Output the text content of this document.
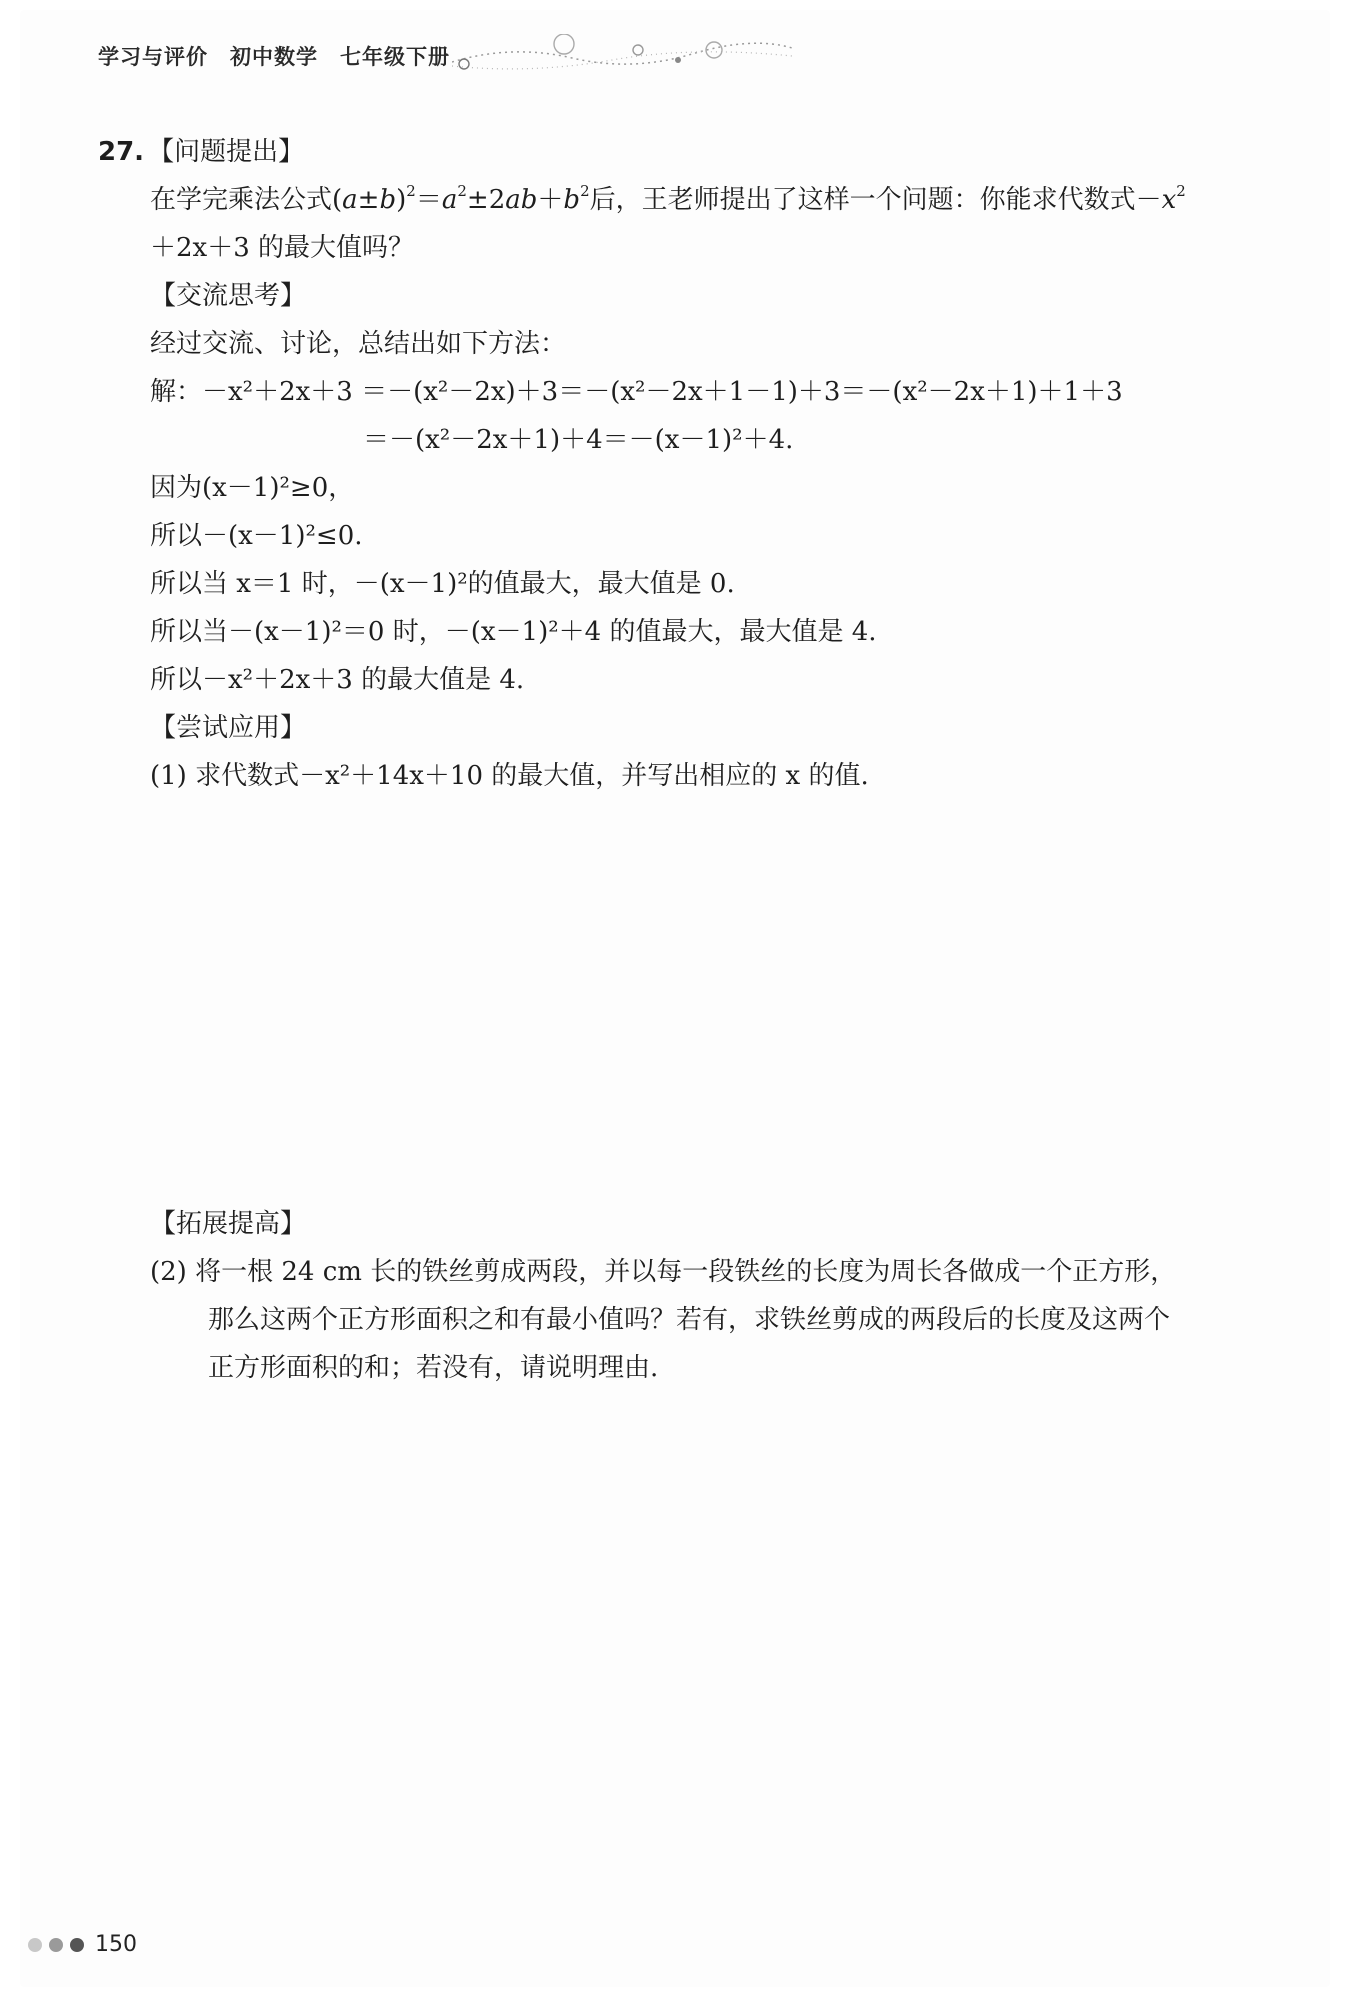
学习与评价 初中数学 七年级下册
27. 【问题提出】
在学完乘法公式$(a\pm b)^2=a^2\pm 2ab+b^2$后，王老师提出了这样一个问题：你能求代数式$-x^2$
＋2x＋3 的最大值吗？
【交流思考】
经过交流、讨论，总结出如下方法：
解：－x²＋2x＋3 ＝－(x²－2x)＋3＝－(x²－2x＋1－1)＋3＝－(x²－2x＋1)＋1＋3
＝－(x²－2x＋1)＋4＝－(x－1)²＋4.
因为(x－1)²≥0，
所以－(x－1)²≤0.
所以当 x＝1 时，－(x－1)²的值最大，最大值是 0.
所以当－(x－1)²＝0 时，－(x－1)²＋4 的值最大，最大值是 4.
所以－x²＋2x＋3 的最大值是 4.
【尝试应用】
(1) 求代数式－x²＋14x＋10 的最大值，并写出相应的 x 的值.
【拓展提高】
(2) 将一根 24 cm 长的铁丝剪成两段，并以每一段铁丝的长度为周长各做成一个正方形，
那么这两个正方形面积之和有最小值吗？若有，求铁丝剪成的两段后的长度及这两个
正方形面积的和；若没有，请说明理由.
150
